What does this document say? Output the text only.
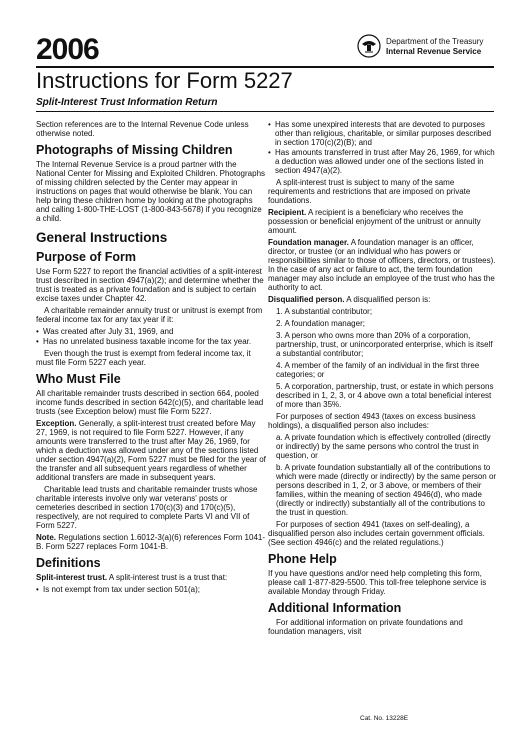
2006	Department of the Treasury
Internal Revenue Service
Instructions for Form 5227
Split-Interest Trust Information Return

Section references are to the Internal Revenue Code unless otherwise noted.

Photographs of Missing Children

The Internal Revenue Service is a proud partner with the National Center for Missing and Exploited Children. Photographs of missing children selected by the Center may appear in instructions on pages that would otherwise be blank. You can help bring these children home by looking at the photographs and calling 1-800-THE-LOST (1-800-843-5678) if you recognize a child.

General Instructions
Purpose of Form

Use Form 5227 to report the financial activities of a split-interest trust described in section 4947(a)(2); and determine whether the trust is treated as a private foundation and is subject to certain excise taxes under Chapter 42.

A charitable remainder annuity trust or unitrust is exempt from federal income tax for any tax year if it:

• Was created after July 31, 1969, and
• Has no unrelated business taxable income for the tax year.

Even though the trust is exempt from federal income tax, it must file Form 5227 each year.

Who Must File

All charitable remainder trusts described in section 664, pooled income funds described in section 642(c)(5), and charitable lead trusts (see Exception below) must file Form 5227.

Exception. Generally, a split-interest trust created before May 27, 1969, is not required to file Form 5227. However, if any amounts were transferred to the trust after May 26, 1969, for which a deduction was allowed under any of the sections listed under section 4947(a)(2), Form 5227 must be filed for the year of the transfer and all subsequent years regardless of whether additional transfers are made in subsequent years.

Charitable lead trusts and charitable remainder trusts whose charitable interests involve only war veterans' posts or cemeteries described in section 170(c)(3) and 170(c)(5), respectively, are not required to complete Parts VI and VII of Form 5227.

Note. Regulations section 1.6012-3(a)(6) references Form 1041-B. Form 5227 replaces Form 1041-B.

Definitions

Split-interest trust. A split-interest trust is a trust that:

• Is not exempt from tax under section 501(a);
• Has some unexpired interests that are devoted to purposes other than religious, charitable, or similar purposes described in section 170(c)(2)(B); and
• Has amounts transferred in trust after May 26, 1969, for which a deduction was allowed under one of the sections listed in section 4947(a)(2).

A split-interest trust is subject to many of the same requirements and restrictions that are imposed on private foundations.

Recipient. A recipient is a beneficiary who receives the possession or beneficial enjoyment of the unitrust or annuity amount.

Foundation manager. A foundation manager is an officer, director, or trustee (or an individual who has powers or responsibilities similar to those of officers, directors, or trustees). In the case of any act or failure to act, the term foundation manager may also include an employee of the trust who has the authority to act.

Disqualified person. A disqualified person is:

1. A substantial contributor;

2. A foundation manager;

3. A person who owns more than 20% of a corporation, partnership, trust, or unincorporated enterprise, which is itself a substantial contributor;

4. A member of the family of an individual in the first three categories; or

5. A corporation, partnership, trust, or estate in which persons described in 1, 2, 3, or 4 above own a total beneficial interest of more than 35%.

For purposes of section 4943 (taxes on excess business holdings), a disqualified person also includes:

a. A private foundation which is effectively controlled (directly or indirectly) by the same persons who control the trust in question, or

b. A private foundation substantially all of the contributions to which were made (directly or indirectly) by the same person or persons described in 1, 2, or 3 above, or members of their families, within the meaning of section 4946(d), who made (directly or indirectly) substantially all of the contributions to the trust in question.

For purposes of section 4941 (taxes on self-dealing), a disqualified person also includes certain government officials. (See section 4946(c) and the related regulations.)

Phone Help

If you have questions and/or need help completing this form, please call 1-877-829-5500. This toll-free telephone service is available Monday through Friday.

Additional Information

For additional information on private foundations and foundation managers, visit

Cat. No. 13228E
